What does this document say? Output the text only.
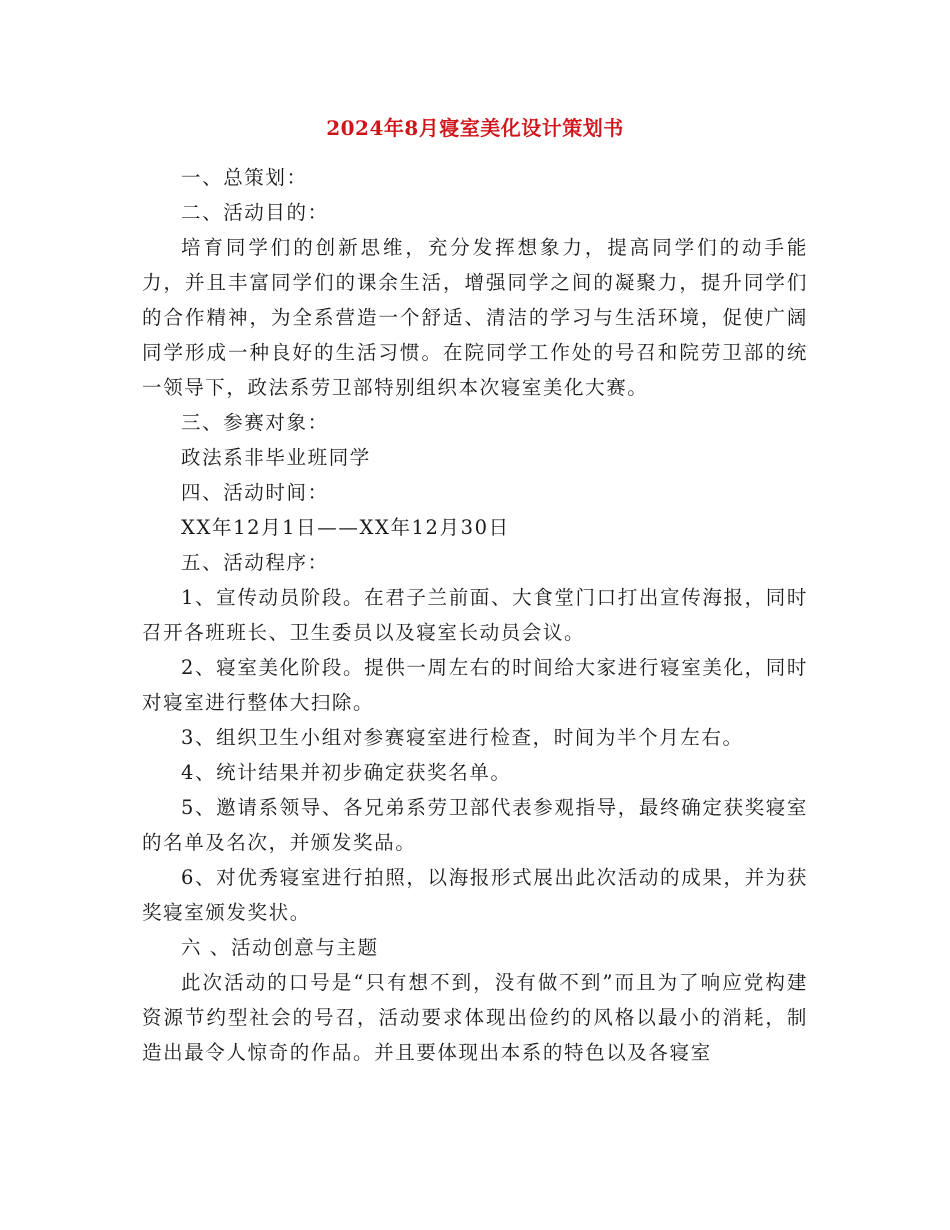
2024年8月寝室美化设计策划书

一、总策划：

二、活动目的：

培育同学们的创新思维，充分发挥想象力，提高同学们的动手能力，并且丰富同学们的课余生活，增强同学之间的凝聚力，提升同学们的合作精神，为全系营造一个舒适、清洁的学习与生活环境，促使广阔同学形成一种良好的生活习惯。在院同学工作处的号召和院劳卫部的统一领导下，政法系劳卫部特别组织本次寝室美化大赛。

三、参赛对象：

政法系非毕业班同学

四、活动时间：

XX年12月1日——XX年12月30日

五、活动程序：

1、宣传动员阶段。在君子兰前面、大食堂门口打出宣传海报，同时召开各班班长、卫生委员以及寝室长动员会议。

2、寝室美化阶段。提供一周左右的时间给大家进行寝室美化，同时对寝室进行整体大扫除。

3、组织卫生小组对参赛寝室进行检查，时间为半个月左右。

4、统计结果并初步确定获奖名单。

5、邀请系领导、各兄弟系劳卫部代表参观指导，最终确定获奖寝室的名单及名次，并颁发奖品。

6、对优秀寝室进行拍照，以海报形式展出此次活动的成果，并为获奖寝室颁发奖状。

六 、活动创意与主题

此次活动的口号是“只有想不到，没有做不到”而且为了响应党构建资源节约型社会的号召，活动要求体现出俭约的风格以最小的消耗，制造出最令人惊奇的作品。并且要体现出本系的特色以及各寝室
